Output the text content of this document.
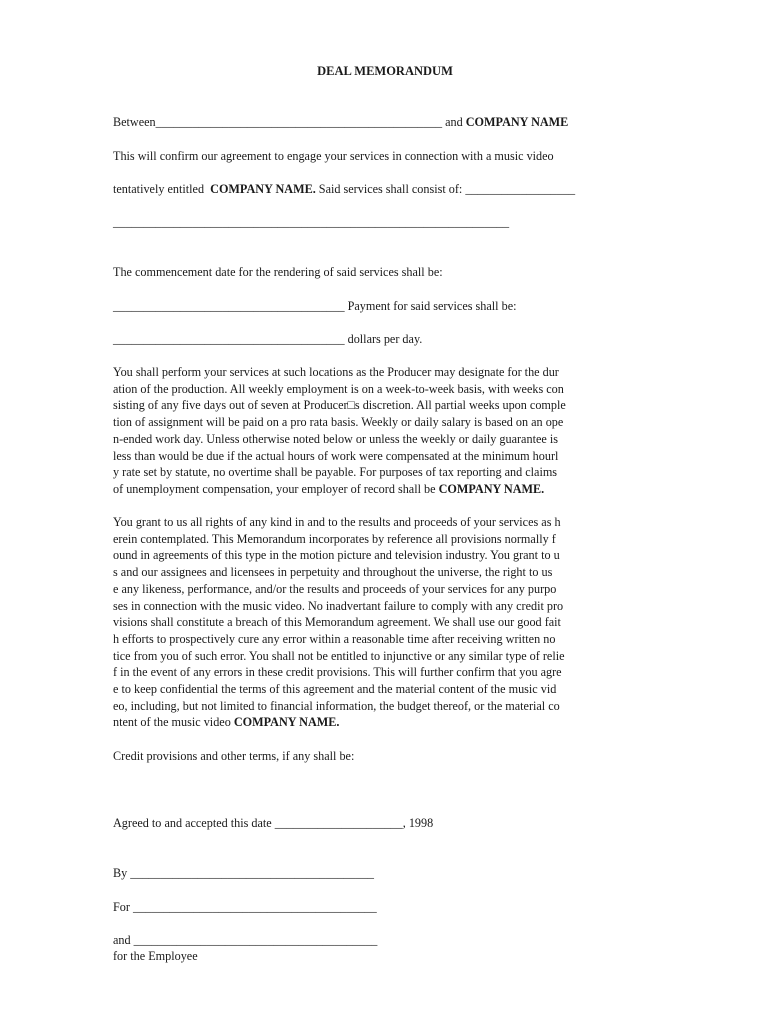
DEAL MEMORANDUM
Between_______________________________________________ and COMPANY NAME
This will confirm our agreement to engage your services in connection with a music video
tentatively entitled  COMPANY NAME. Said services shall consist of: __________________
_________________________________________________________________
The commencement date for the rendering of said services shall be:
______________________________________ Payment for said services shall be:
______________________________________ dollars per day.
You shall perform your services at such locations as the Producer may designate for the dur
ation of the production. All weekly employment is on a week-to-week basis, with weeks con
sisting of any five days out of seven at Producer□s discretion. All partial weeks upon comple
tion of assignment will be paid on a pro rata basis. Weekly or daily salary is based on an ope
n-ended work day. Unless otherwise noted below or unless the weekly or daily guarantee is
less than would be due if the actual hours of work were compensated at the minimum hourl
y rate set by statute, no overtime shall be payable. For purposes of tax reporting and claims
of unemployment compensation, your employer of record shall be COMPANY NAME.
You grant to us all rights of any kind in and to the results and proceeds of your services as h
erein contemplated. This Memorandum incorporates by reference all provisions normally f
ound in agreements of this type in the motion picture and television industry. You grant to u
s and our assignees and licensees in perpetuity and throughout the universe, the right to us
e any likeness, performance, and/or the results and proceeds of your services for any purpo
ses in connection with the music video. No inadvertant failure to comply with any credit pro
visions shall constitute a breach of this Memorandum agreement. We shall use our good fait
h efforts to prospectively cure any error within a reasonable time after receiving written no
tice from you of such error. You shall not be entitled to injunctive or any similar type of relie
f in the event of any errors in these credit provisions. This will further confirm that you agre
e to keep confidential the terms of this agreement and the material content of the music vid
eo, including, but not limited to financial information, the budget thereof, or the material co
ntent of the music video COMPANY NAME.
Credit provisions and other terms, if any shall be:
Agreed to and accepted this date _____________________, 1998
By ________________________________________
For ________________________________________
and ________________________________________
for the Employee
